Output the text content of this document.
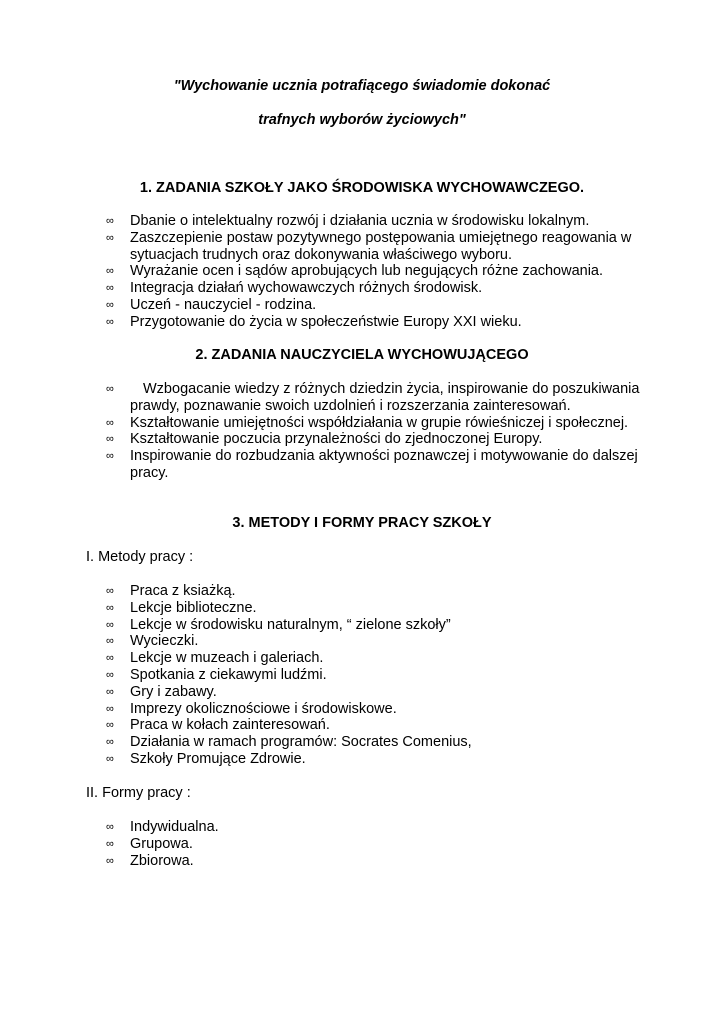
"Wychowanie ucznia potrafiącego świadomie dokonać
trafnych wyborów życiowych"
1. ZADANIA SZKOŁY JAKO ŚRODOWISKA WYCHOWAWCZEGO.
∞ Dbanie o intelektualny rozwój i działania ucznia w środowisku lokalnym.
∞ Zaszczepienie postaw pozytywnego postępowania umiejętnego reagowania w sytuacjach trudnych oraz dokonywania właściwego wyboru.
∞ Wyrażanie ocen i sądów aprobujących lub negujących różne zachowania.
∞ Integracja działań wychowawczych różnych środowisk.
∞ Uczeń - nauczyciel - rodzina.
∞ Przygotowanie do życia w społeczeństwie Europy XXI wieku.
2. ZADANIA NAUCZYCIELA WYCHOWUJĄCEGO
∞	Wzbogacanie wiedzy z różnych dziedzin życia, inspirowanie do poszukiwania prawdy, poznawanie swoich uzdolnień i rozszerzania zainteresowań.
∞ Kształtowanie umiejętności współdziałania w grupie rówieśniczej i społecznej.
∞ Kształtowanie poczucia przynależności do zjednoczonej Europy.
∞ Inspirowanie do rozbudzania aktywności poznawczej i motywowanie do dalszej pracy.
3. METODY I FORMY PRACY SZKOŁY
I. Metody pracy :
∞ Praca z ksiażką.
∞ Lekcje biblioteczne.
∞ Lekcje w środowisku naturalnym, “ zielone szkoły”
∞ Wycieczki.
∞ Lekcje w muzeach i galeriach.
∞ Spotkania z ciekawymi ludźmi.
∞ Gry i zabawy.
∞ Imprezy okolicznościowe i środowiskowe.
∞ Praca w kołach zainteresowań.
∞ Działania w ramach programów: Socrates Comenius,
∞ Szkoły Promujące Zdrowie.
II. Formy pracy :
∞ Indywidualna.
∞ Grupowa.
∞ Zbiorowa.
